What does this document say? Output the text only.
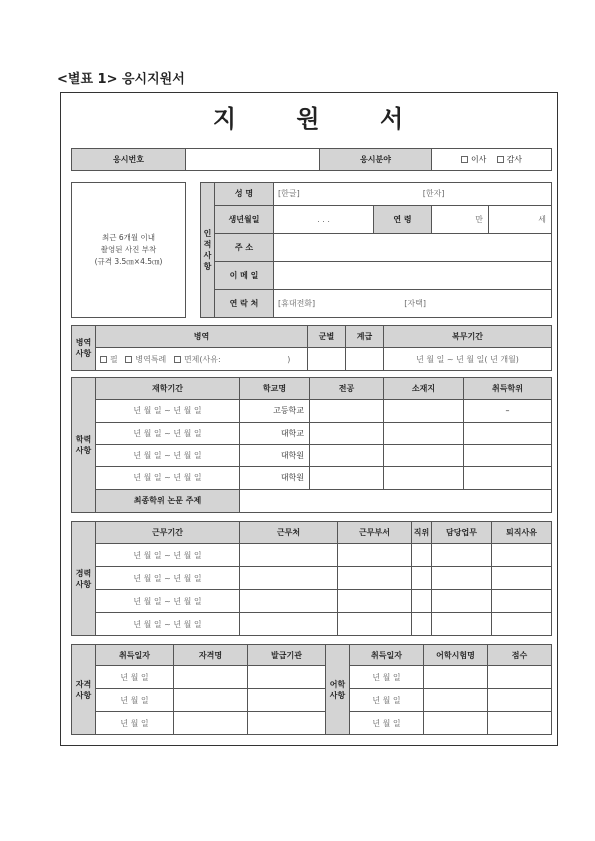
<별표 1> 응시지원서
지 원 서
응시번호		응시분야	이사	감사
최근 6개월 이내
촬영된 사진 부착
(규격 3.5㎝×4.5㎝)		인적사항	성 명	[한글] [한자]			
			생년월일	. . .	연 령	만	세
			주 소				
			이 메 일				
			연 락 처	[휴대전화] [자택]			
병역사항	병역	군별	계급	복무기간
	필 병역특례 면제(사유: )			년 월 일 ~ 년 월 일( 년 개월)
학력사항	재학기간	학교명	전공	소재지	취득학위
	년 월 일 ~ 년 월 일	고등학교			–
	년 월 일 ~ 년 월 일	대학교			
	년 월 일 ~ 년 월 일	대학원			
	년 월 일 ~ 년 월 일	대학원			
	최종학위 논문 주제				
경력사항	근무기간	근무처	근무부서	직위	담당업무	퇴직사유
	년 월 일 ~ 년 월 일					
	년 월 일 ~ 년 월 일					
	년 월 일 ~ 년 월 일					
	년 월 일 ~ 년 월 일					
자격사항	취득일자	자격명	발급기관	어학사항	취득일자	어학시험명	점수
	년 월 일				년 월 일		
	년 월 일				년 월 일		
	년 월 일				년 월 일		
